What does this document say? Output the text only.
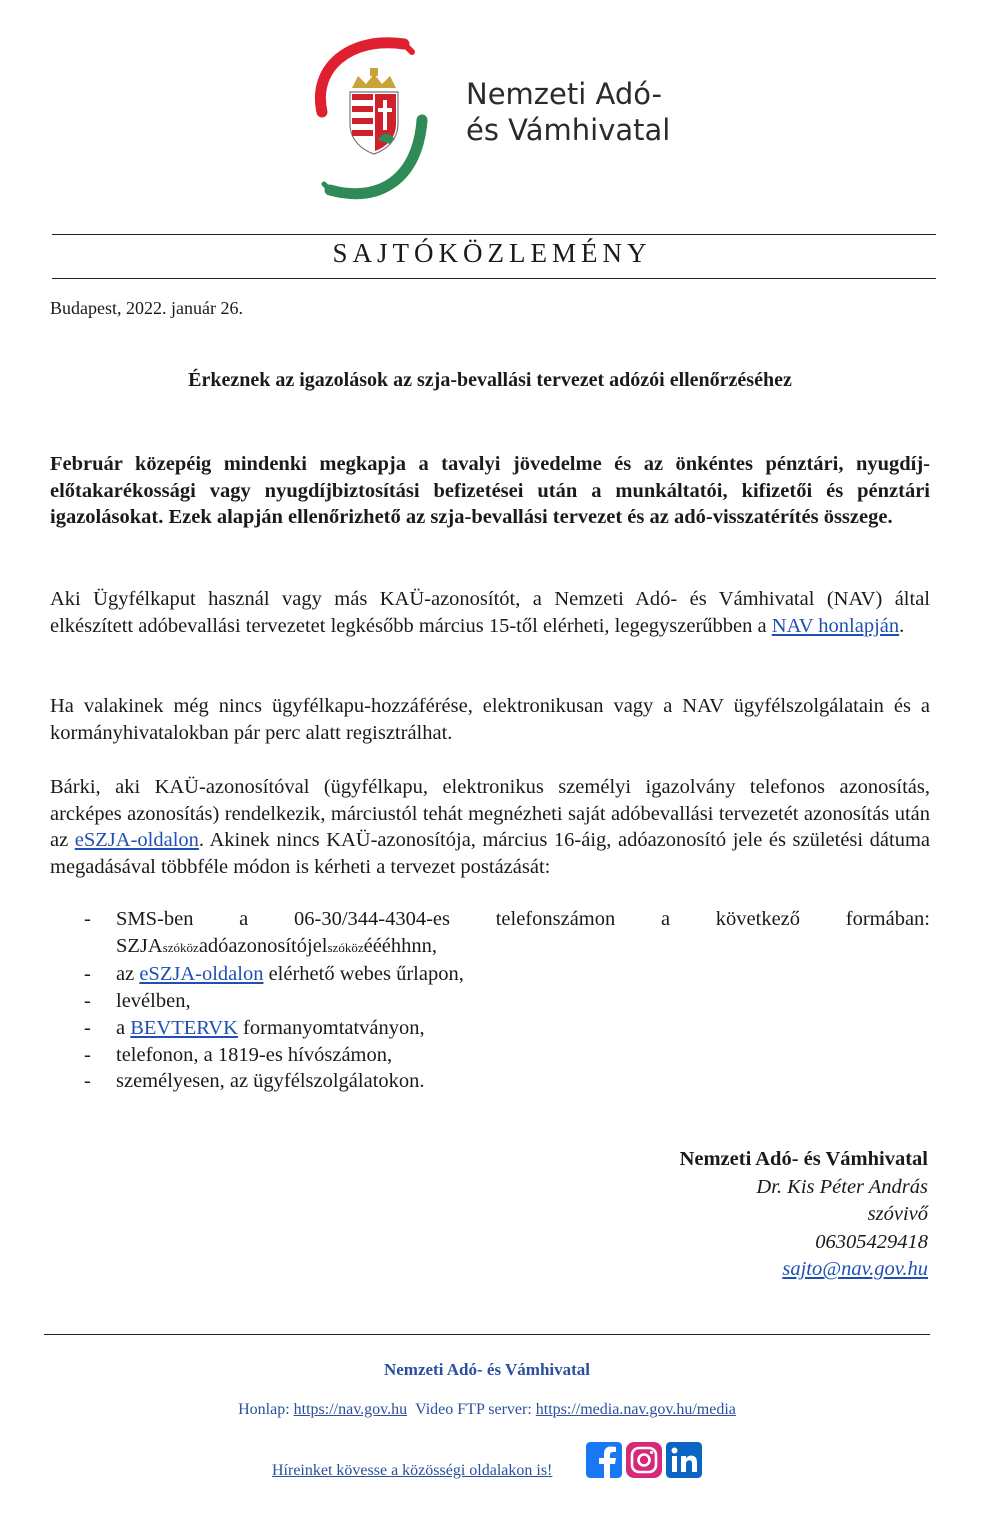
Nemzeti Adó-
és Vámhivatal
SAJTÓKÖZLEMÉNY
Budapest, 2022. január 26.
Érkeznek az igazolások az szja-bevallási tervezet adózói ellenőrzéséhez
Február közepéig mindenki megkapja a tavalyi jövedelme és az önkéntes pénztári, nyugdíj-előtakarékossági vagy nyugdíjbiztosítási befizetései után a munkáltatói, kifizetői és pénztári igazolásokat. Ezek alapján ellenőrizhető az szja-bevallási tervezet és az adó-visszatérítés összege.
Aki Ügyfélkaput használ vagy más KAÜ-azonosítót, a Nemzeti Adó- és Vámhivatal (NAV) által elkészített adóbevallási tervezetet legkésőbb március 15-től elérheti, legegyszerűbben a NAV honlapján.
Ha valakinek még nincs ügyfélkapu-hozzáférése, elektronikusan vagy a NAV ügyfélszolgálatain és a kormányhivatalokban pár perc alatt regisztrálhat.
Bárki, aki KAÜ-azonosítóval (ügyfélkapu, elektronikus személyi igazolvány telefonos azonosítás, arcképes azonosítás) rendelkezik, márciustól tehát megnézheti saját adóbevallási tervezetét azonosítás után az eSZJA-oldalon. Akinek nincs KAÜ-azonosítója, március 16-áig, adóazonosító jele és születési dátuma megadásával többféle módon is kérheti a tervezet postázását:
- SMS-ben a 06-30/344-4304-es telefonszámon a következő formában:
SZJAszóközadóazonosítójelszóközéééhhnn,
- az eSZJA-oldalon elérhető webes űrlapon,
- levélben,
- a BEVTERVK formanyomtatványon,
- telefonon, a 1819-es hívószámon,
- személyesen, az ügyfélszolgálatokon.
Nemzeti Adó- és Vámhivatal
Dr. Kis Péter András
szóvivő
06305429418
sajto@nav.gov.hu
Nemzeti Adó- és Vámhivatal
Honlap: https://nav.gov.hu Video FTP server: https://media.nav.gov.hu/media
Híreinket kövesse a közösségi oldalakon is!
